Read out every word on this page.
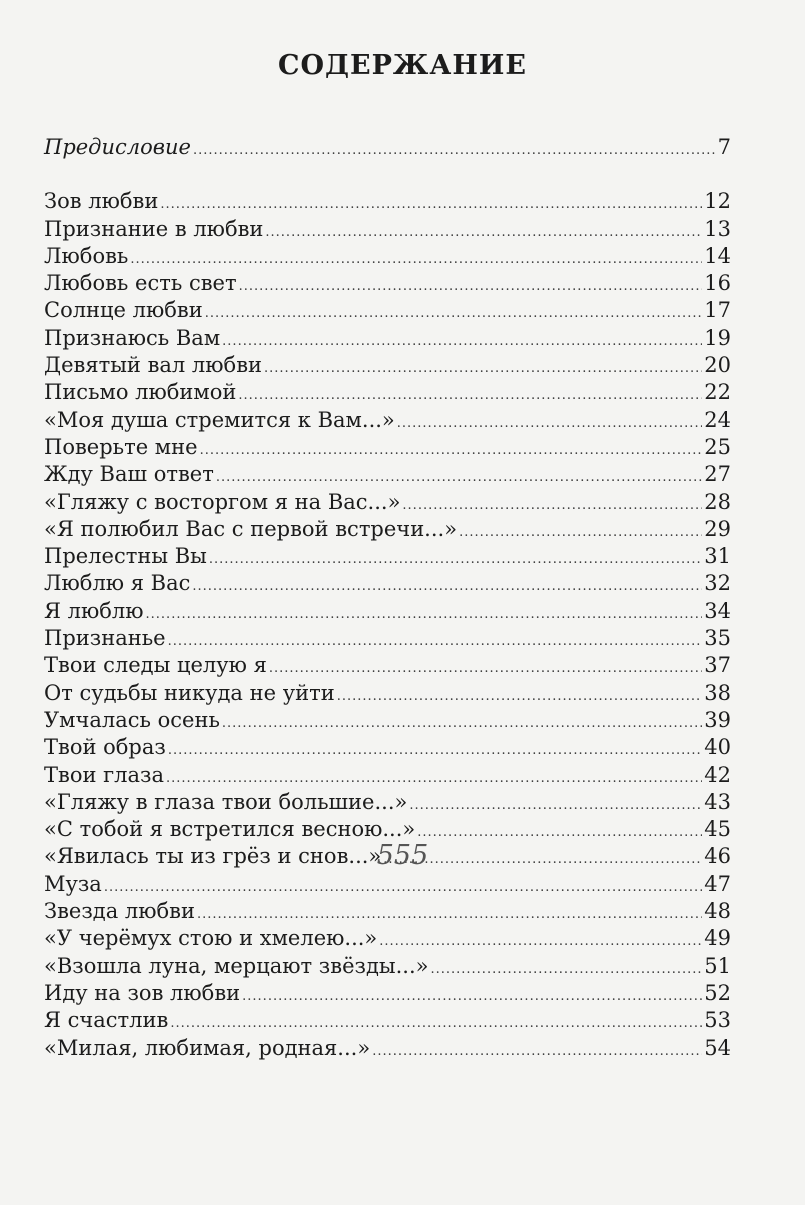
СОДЕРЖАНИЕ
Предисловие .....	7
Зов любви .....	12
Признание в любви .....	13
Любовь .....	14
Любовь есть свет .....	16
Солнце любви .....	17
Признаюсь Вам .....	19
Девятый вал любви .....	20
Письмо любимой .....	22
«Моя душа стремится к Вам...» .....	24
Поверьте мне .....	25
Жду Ваш ответ .....	27
«Гляжу с восторгом я на Вас...» .....	28
«Я полюбил Вас с первой встречи...» .....	29
Прелестны Вы .....	31
Люблю я Вас .....	32
Я люблю .....	34
Признанье .....	35
Твои следы целую я .....	37
От судьбы никуда не уйти .....	38
Умчалась осень .....	39
Твой образ .....	40
Твои глаза .....	42
«Гляжу в глаза твои большие...» .....	43
«С тобой я встретился весною...» .....	45
«Явилась ты из грёз и снов...» .....	46
Муза .....	47
Звезда любви .....	48
«У черёмух стою и хмелею...» .....	49
«Взошла луна, мерцают звёзды...» .....	51
Иду на зов любви .....	52
Я счастлив .....	53
«Милая, любимая, родная...» .....	54
555
